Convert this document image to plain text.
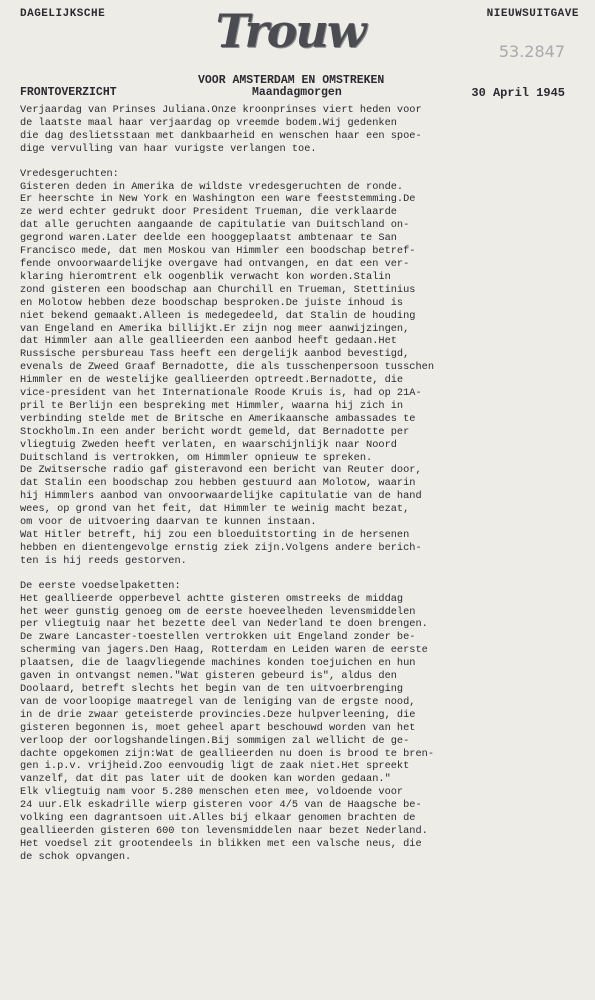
DAGELIJKSCHE	Trouw	NIEUWSUITGAVE
53.2847
VOOR AMSTERDAM EN OMSTREKEN
FRONTOVERZICHT	Maandagmorgen	30 April 1945
Verjaardag van Prinses Juliana.Onze kroonprinses viert heden voor
de laatste maal haar verjaardag op vreemde bodem.Wij gedenken
die dag deslietsstaan met dankbaarheid en wenschen haar een spoe-
dige vervulling van haar vurigste verlangen toe.
Vredesgeruchten:
Gisteren deden in Amerika de wildste vredesgeruchten de ronde.
Er heerschte in New York en Washington een ware feeststemming.De
ze werd echter gedrukt door President Trueman, die verklaarde
dat alle geruchten aangaande de capitulatie van Duitschland on-
gegrond waren.Later deelde een hooggeplaatst ambtenaar te San
Francisco mede, dat men Moskou van Himmler een boodschap betref-
fende onvoorwaardelijke overgave had ontvangen, en dat een ver-
klaring hieromtrent elk oogenblik verwacht kon worden.Stalin
zond gisteren een boodschap aan Churchill en Trueman, Stettinius
en Molotow hebben deze boodschap besproken.De juiste inhoud is
niet bekend gemaakt.Alleen is medegedeeld, dat Stalin de houding
van Engeland en Amerika billijkt.Er zijn nog meer aanwijzingen,
dat Himmler aan alle geallieerden een aanbod heeft gedaan.Het
Russische persbureau Tass heeft een dergelijk aanbod bevestigd,
evenals de Zweed Graaf Bernadotte, die als tusschenpersoon tusschen
Himmler en de westelijke geallieerden optreedt.Bernadotte, die
vice-president van het Internationale Roode Kruis is, had op 21A-
pril te Berlijn een bespreking met Himmler, waarna hij zich in
verbinding stelde met de Britsche en Amerikaansche ambassades te
Stockholm.In een ander bericht wordt gemeld, dat Bernadotte per
vliegtuig Zweden heeft verlaten, en waarschijnlijk naar Noord
Duitschland is vertrokken, om Himmler opnieuw te spreken.
De Zwitsersche radio gaf gisteravond een bericht van Reuter door,
dat Stalin een boodschap zou hebben gestuurd aan Molotow, waarin
hij Himmlers aanbod van onvoorwaardelijke capitulatie van de hand
wees, op grond van het feit, dat Himmler te weinig macht bezat,
om voor de uitvoering daarvan te kunnen instaan.
Wat Hitler betreft, hij zou een bloeduitstorting in de hersenen
hebben en dientengevolge ernstig ziek zijn.Volgens andere berich-
ten is hij reeds gestorven.
De eerste voedselpaketten:
Het geallieerde opperbevel achtte gisteren omstreeks de middag
het weer gunstig genoeg om de eerste hoeveelheden levensmiddelen
per vliegtuig naar het bezette deel van Nederland te doen brengen.
De zware Lancaster-toestellen vertrokken uit Engeland zonder be-
scherming van jagers.Den Haag, Rotterdam en Leiden waren de eerste
plaatsen, die de laagvliegende machines konden toejuichen en hun
gaven in ontvangst nemen."Wat gisteren gebeurd is", aldus den
Doolaard, betreft slechts het begin van de ten uitvoerbrenging
van de voorloopige maatregel van de leniging van de ergste nood,
in de drie zwaar geteisterde provincies.Deze hulpverleening, die
gisteren begonnen is, moet geheel apart beschouwd worden van het
verloop der oorlogshandelingen.Bij sommigen zal wellicht de ge-
dachte opgekomen zijn:Wat de geallieerden nu doen is brood te bren-
gen i.p.v. vrijheid.Zoo eenvoudig ligt de zaak niet.Het spreekt
vanzelf, dat dit pas later uit de dooken kan worden gedaan."
Elk vliegtuig nam voor 5.280 menschen eten mee, voldoende voor
24 uur.Elk eskadrille wierp gisteren voor 4/5 van de Haagsche be-
volking een dagrantsoen uit.Alles bij elkaar genomen brachten de
geallieerden gisteren 600 ton levensmiddelen naar bezet Nederland.
Het voedsel zit grootendeels in blikken met een valsche neus, die
de schok opvangen.
